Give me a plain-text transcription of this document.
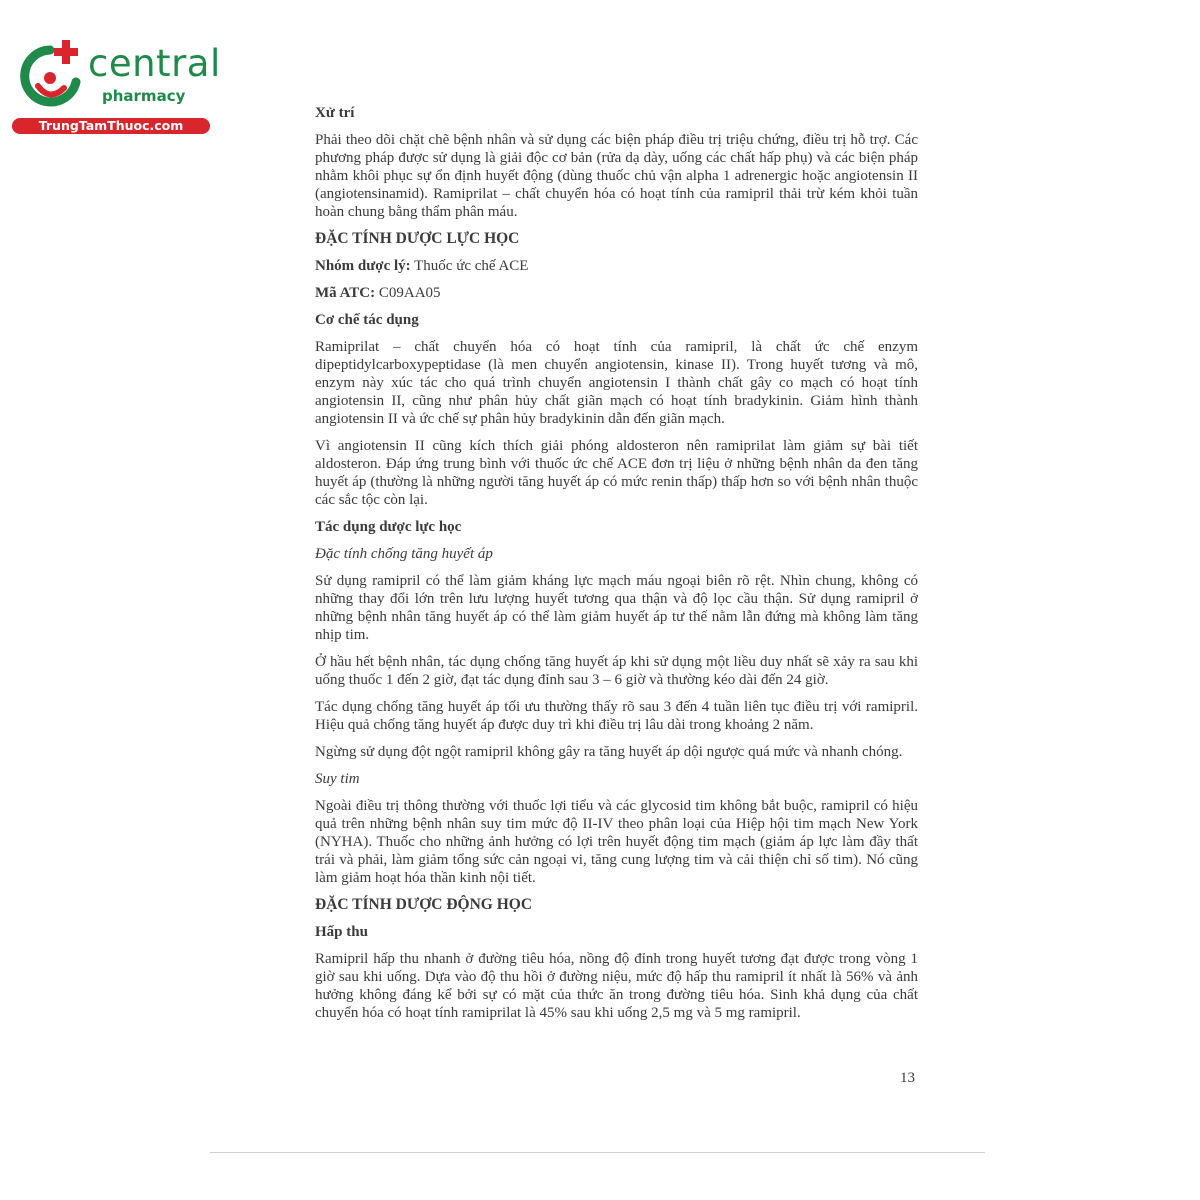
central
pharmacy
TrungTamThuoc.com
Xử trí
Phải theo dõi chặt chẽ bệnh nhân và sử dụng các biện pháp điều trị triệu chứng, điều trị hỗ trợ. Các phương pháp được sử dụng là giải độc cơ bản (rửa dạ dày, uống các chất hấp phụ) và các biện pháp nhằm khôi phục sự ổn định huyết động (dùng thuốc chủ vận alpha 1 adrenergic hoặc angiotensin II (angiotensinamid). Ramiprilat – chất chuyển hóa có hoạt tính của ramipril thải trừ kém khỏi tuần hoàn chung bằng thẩm phân máu.
ĐẶC TÍNH DƯỢC LỰC HỌC
Nhóm dược lý: Thuốc ức chế ACE
Mã ATC: C09AA05
Cơ chế tác dụng
Ramiprilat – chất chuyển hóa có hoạt tính của ramipril, là chất ức chế enzym dipeptidylcarboxypeptidase (là men chuyển angiotensin, kinase II). Trong huyết tương và mô, enzym này xúc tác cho quá trình chuyển angiotensin I thành chất gây co mạch có hoạt tính angiotensin II, cũng như phân hủy chất giãn mạch có hoạt tính bradykinin. Giảm hình thành angiotensin II và ức chế sự phân hủy bradykinin dẫn đến giãn mạch.
Vì angiotensin II cũng kích thích giải phóng aldosteron nên ramiprilat làm giảm sự bài tiết aldosteron. Đáp ứng trung bình với thuốc ức chế ACE đơn trị liệu ở những bệnh nhân da đen tăng huyết áp (thường là những người tăng huyết áp có mức renin thấp) thấp hơn so với bệnh nhân thuộc các sắc tộc còn lại.
Tác dụng dược lực học
Đặc tính chống tăng huyết áp
Sử dụng ramipril có thể làm giảm kháng lực mạch máu ngoại biên rõ rệt. Nhìn chung, không có những thay đổi lớn trên lưu lượng huyết tương qua thận và độ lọc cầu thận. Sử dụng ramipril ở những bệnh nhân tăng huyết áp có thể làm giảm huyết áp tư thế nằm lẫn đứng mà không làm tăng nhịp tim.
Ở hầu hết bệnh nhân, tác dụng chống tăng huyết áp khi sử dụng một liều duy nhất sẽ xảy ra sau khi uống thuốc 1 đến 2 giờ, đạt tác dụng đỉnh sau 3 – 6 giờ và thường kéo dài đến 24 giờ.
Tác dụng chống tăng huyết áp tối ưu thường thấy rõ sau 3 đến 4 tuần liên tục điều trị với ramipril. Hiệu quả chống tăng huyết áp được duy trì khi điều trị lâu dài trong khoảng 2 năm.
Ngừng sử dụng đột ngột ramipril không gây ra tăng huyết áp dội ngược quá mức và nhanh chóng.
Suy tim
Ngoài điều trị thông thường với thuốc lợi tiểu và các glycosid tim không bắt buộc, ramipril có hiệu quả trên những bệnh nhân suy tim mức độ II-IV theo phân loại của Hiệp hội tim mạch New York (NYHA). Thuốc cho những ảnh hưởng có lợi trên huyết động tim mạch (giảm áp lực làm đầy thất trái và phải, làm giảm tổng sức cản ngoại vi, tăng cung lượng tim và cải thiện chỉ số tim). Nó cũng làm giảm hoạt hóa thần kinh nội tiết.
ĐẶC TÍNH DƯỢC ĐỘNG HỌC
Hấp thu
Ramipril hấp thu nhanh ở đường tiêu hóa, nồng độ đỉnh trong huyết tương đạt được trong vòng 1 giờ sau khi uống. Dựa vào độ thu hồi ở đường niệu, mức độ hấp thu ramipril ít nhất là 56% và ảnh hưởng không đáng kể bởi sự có mặt của thức ăn trong đường tiêu hóa. Sinh khả dụng của chất chuyển hóa có hoạt tính ramiprilat là 45% sau khi uống 2,5 mg và 5 mg ramipril.
13
